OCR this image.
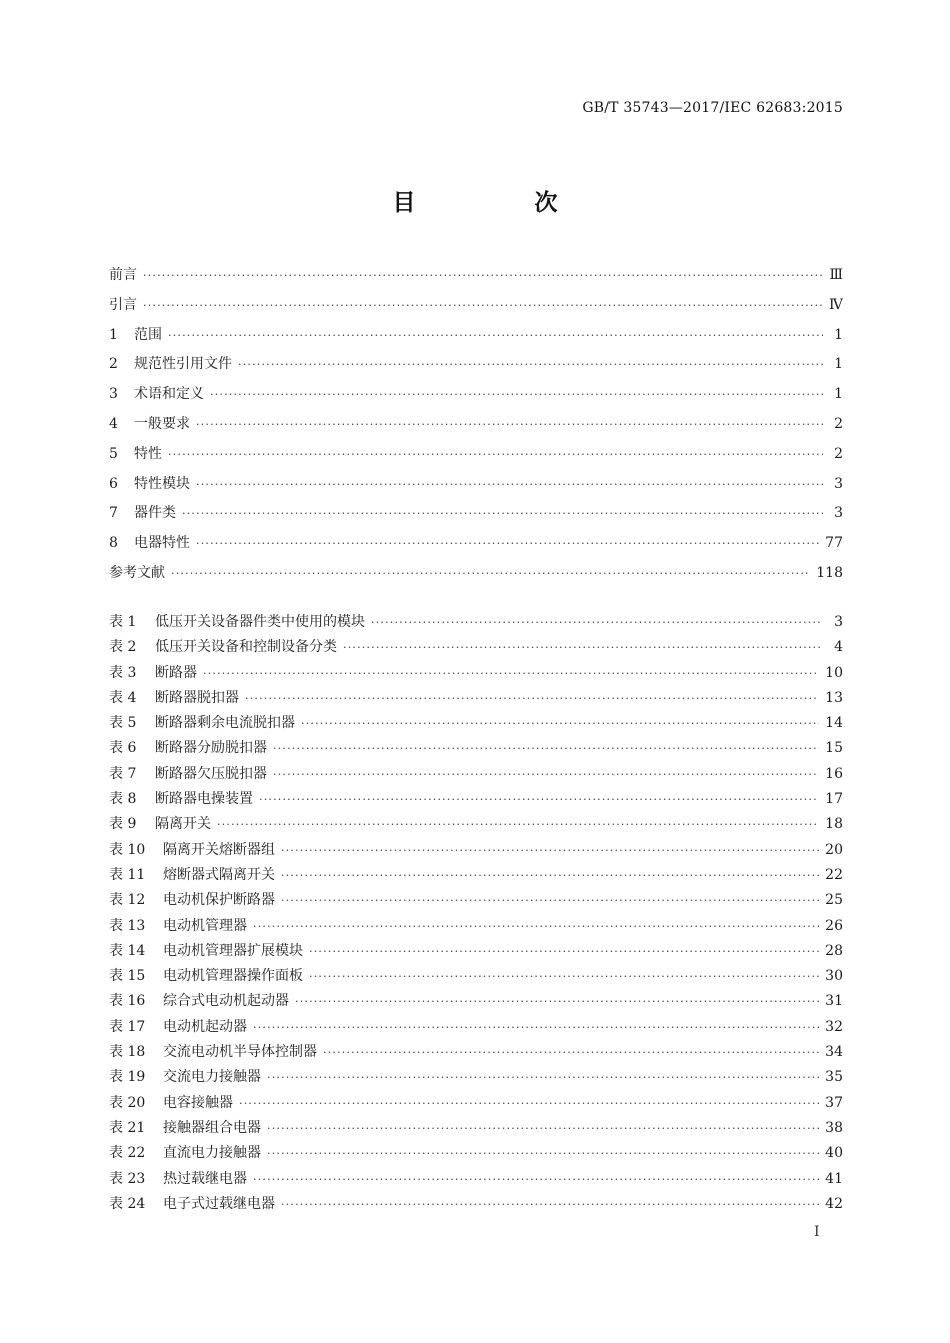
GB/T 35743—2017/IEC 62683:2015
目　次
前言 ·····	Ⅲ
引言 ·····	Ⅳ
1	范围 ·····	1
2	规范性引用文件 ·····	1
3	术语和定义 ·····	1
4	一般要求 ·····	2
5	特性 ·····	2
6	特性模块 ·····	3
7	器件类 ·····	3
8	电器特性 ·····	77
参考文献 ·····	118
表 1	低压开关设备器件类中使用的模块 ·····	3
表 2	低压开关设备和控制设备分类 ·····	4
表 3	断路器 ·····	10
表 4	断路器脱扣器 ·····	13
表 5	断路器剩余电流脱扣器 ·····	14
表 6	断路器分励脱扣器 ·····	15
表 7	断路器欠压脱扣器 ·····	16
表 8	断路器电操装置 ·····	17
表 9	隔离开关 ·····	18
表 10	隔离开关熔断器组 ·····	20
表 11	熔断器式隔离开关 ·····	22
表 12	电动机保护断路器 ·····	25
表 13	电动机管理器 ·····	26
表 14	电动机管理器扩展模块 ·····	28
表 15	电动机管理器操作面板 ·····	30
表 16	综合式电动机起动器 ·····	31
表 17	电动机起动器 ·····	32
表 18	交流电动机半导体控制器 ·····	34
表 19	交流电力接触器 ·····	35
表 20	电容接触器 ·····	37
表 21	接触器组合电器 ·····	38
表 22	直流电力接触器 ·····	40
表 23	热过载继电器 ·····	41
表 24	电子式过载继电器 ·····	42
I
